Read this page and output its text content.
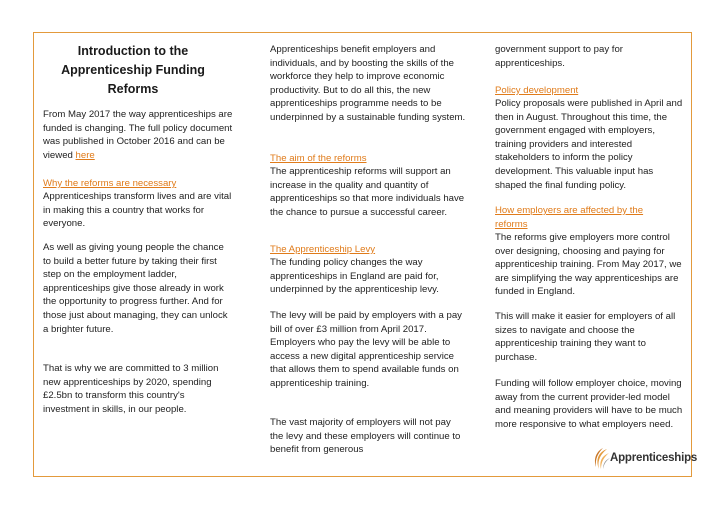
Introduction to the Apprenticeship Funding Reforms

From May 2017 the way apprenticeships are funded is changing. The full policy document was published in October 2016 and can be viewed here

Why the reforms are necessary

Apprenticeships transform lives and are vital in making this a country that works for everyone.

As well as giving young people the chance to build a better future by taking their first step on the employment ladder, apprenticeships give those already in work the opportunity to progress further. And for those just about managing, they can unlock a brighter future.

That is why we are committed to 3 million new apprenticeships by 2020, spending £2.5bn to transform this country's investment in skills, in our people.

Apprenticeships benefit employers and individuals, and by boosting the skills of the workforce they help to improve economic productivity. But to do all this, the new apprenticeships programme needs to be underpinned by a sustainable funding system.

The aim of the reforms

The apprenticeship reforms will support an increase in the quality and quantity of apprenticeships so that more individuals have the chance to pursue a successful career.

The Apprenticeship Levy

The funding policy changes the way apprenticeships in England are paid for, underpinned by the apprenticeship levy.

The levy will be paid by employers with a pay bill of over £3 million from April 2017. Employers who pay the levy will be able to access a new digital apprenticeship service that allows them to spend available funds on apprenticeship training.

The vast majority of employers will not pay the levy and these employers will continue to benefit from generous

government support to pay for apprenticeships.

Policy development

Policy proposals were published in April and then in August. Throughout this time, the government engaged with employers, training providers and interested stakeholders to inform the policy development. This valuable input has shaped the final funding policy.

How employers are affected by the reforms

The reforms give employers more control over designing, choosing and paying for apprenticeship training. From May 2017, we are simplifying the way apprenticeships are funded in England.

This will make it easier for employers of all sizes to navigate and choose the apprenticeship training they want to purchase.

Funding will follow employer choice, moving away from the current provider-led model and meaning providers will have to be much more responsive to what employers need.

Apprenticeships
